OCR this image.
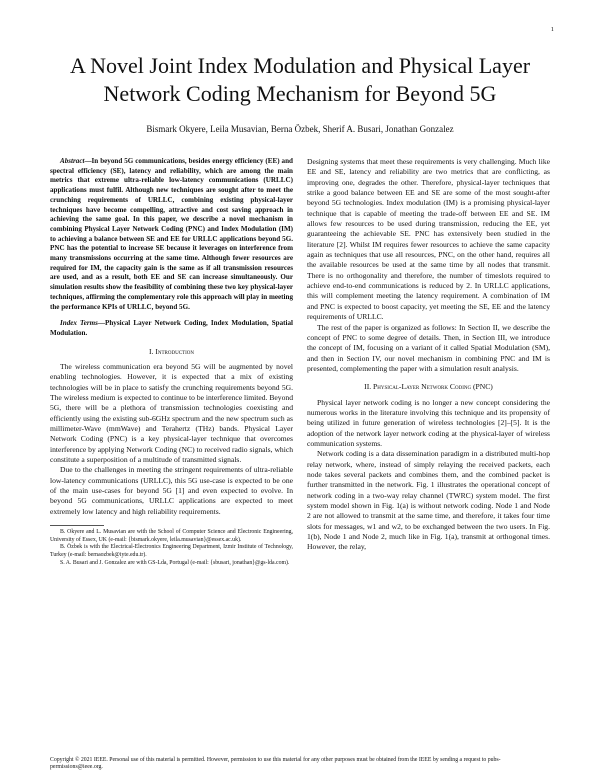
1
A Novel Joint Index Modulation and Physical Layer Network Coding Mechanism for Beyond 5G
Bismark Okyere, Leila Musavian, Berna Özbek, Sherif A. Busari, Jonathan Gonzalez

Abstract—In beyond 5G communications, besides energy efficiency (EE) and spectral efficiency (SE), latency and reliability, which are among the main metrics that extreme ultra-reliable low-latency communications (URLLC) applications must fulfil. Although new techniques are sought after to meet the crunching requirements of URLLC, combining existing physical-layer techniques have become compelling, attractive and cost saving approach in achieving the same goal. In this paper, we describe a novel mechanism in combining Physical Layer Network Coding (PNC) and Index Modulation (IM) to achieving a balance between SE and EE for URLLC applications beyond 5G. PNC has the potential to increase SE because it leverages on interference from many transmissions occurring at the same time. Although fewer resources are required for IM, the capacity gain is the same as if all transmission resources are used, and as a result, both EE and SE can increase simultaneously. Our simulation results show the feasibility of combining these two key physical-layer techniques, affirming the complementary role this approach will play in meeting the performance KPIs of URLLC, beyond 5G.

Index Terms—Physical Layer Network Coding, Index Modulation, Spatial Modulation.

I. Introduction

The wireless communication era beyond 5G will be augmented by novel enabling technologies. However, it is expected that a mix of existing technologies will be in place to satisfy the crunching requirements beyond 5G. The wireless medium is expected to continue to be interference limited. Beyond 5G, there will be a plethora of transmission technologies coexisting and efficiently using the existing sub-6GHz spectrum and the new spectrum such as millimeter-Wave (mmWave) and Terahertz (THz) bands. Physical Layer Network Coding (PNC) is a key physical-layer technique that overcomes interference by applying Network Coding (NC) to received radio signals, which constitute a superposition of a multitude of transmitted signals.

Due to the challenges in meeting the stringent requirements of ultra-reliable low-latency communications (URLLC), this 5G use-case is expected to be one of the main use-cases for beyond 5G [1] and even expected to evolve. In beyond 5G communications, URLLC applications are expected to meet extremely low latency and high reliability requirements.

B. Okyere and L. Musavian are with the School of Computer Science and Electronic Engineering, University of Essex, UK (e-mail: {bismark.okyere, leila.musavian}@essex.ac.uk).

B. Özbek is with the Electrical-Electronics Engineering Department, Izmir Institute of Technology, Turkey (e-mail: bernaozbek@iyte.edu.tr).

S. A. Busari and J. Gonzalez are with GS-Lda, Portugal (e-mail: {sbusari, jonathan}@gs-lda.com).

Designing systems that meet these requirements is very challenging. Much like EE and SE, latency and reliability are two metrics that are conflicting, as improving one, degrades the other. Therefore, physical-layer techniques that strike a good balance between EE and SE are some of the most sought-after beyond 5G technologies. Index modulation (IM) is a promising physical-layer technique that is capable of meeting the trade-off between EE and SE. IM allows few resources to be used during transmission, reducing the EE, yet guaranteeing the achievable SE. PNC has extensively been studied in the literature [2]. Whilst IM requires fewer resources to achieve the same capacity again as techniques that use all resources, PNC, on the other hand, requires all the available resources be used at the same time by all nodes that transmit. There is no orthogonality and therefore, the number of timeslots required to achieve end-to-end communications is reduced by 2. In URLLC applications, this will complement meeting the latency requirement. A combination of IM and PNC is expected to boost capacity, yet meeting the SE, EE and the latency requirements of URLLC.

The rest of the paper is organized as follows: In Section II, we describe the concept of PNC to some degree of details. Then, in Section III, we introduce the concept of IM, focusing on a variant of it called Spatial Modulation (SM), and then in Section IV, our novel mechanism in combining PNC and IM is presented, complementing the paper with a simulation result analysis.

II. Physical-Layer Network Coding (PNC)

Physical layer network coding is no longer a new concept considering the numerous works in the literature involving this technique and its propensity of being utilized in future generation of wireless technologies [2]–[5]. It is the adoption of the network layer network coding at the physical-layer of wireless communication systems.

Network coding is a data dissemination paradigm in a distributed multi-hop relay network, where, instead of simply relaying the received packets, each node takes several packets and combines them, and the combined packet is further transmitted in the network. Fig. 1 illustrates the operational concept of network coding in a two-way relay channel (TWRC) system model. The first system model shown in Fig. 1(a) is without network coding. Node 1 and Node 2 are not allowed to transmit at the same time, and therefore, it takes four time slots for messages, w1 and w2, to be exchanged between the two users. In Fig. 1(b), Node 1 and Node 2, much like in Fig. 1(a), transmit at orthogonal times. However, the relay,

Copyright © 2021 IEEE. Personal use of this material is permitted. However, permission to use this material for any other purposes must be obtained from the IEEE by sending a request to pubs-permissions@ieee.org.
